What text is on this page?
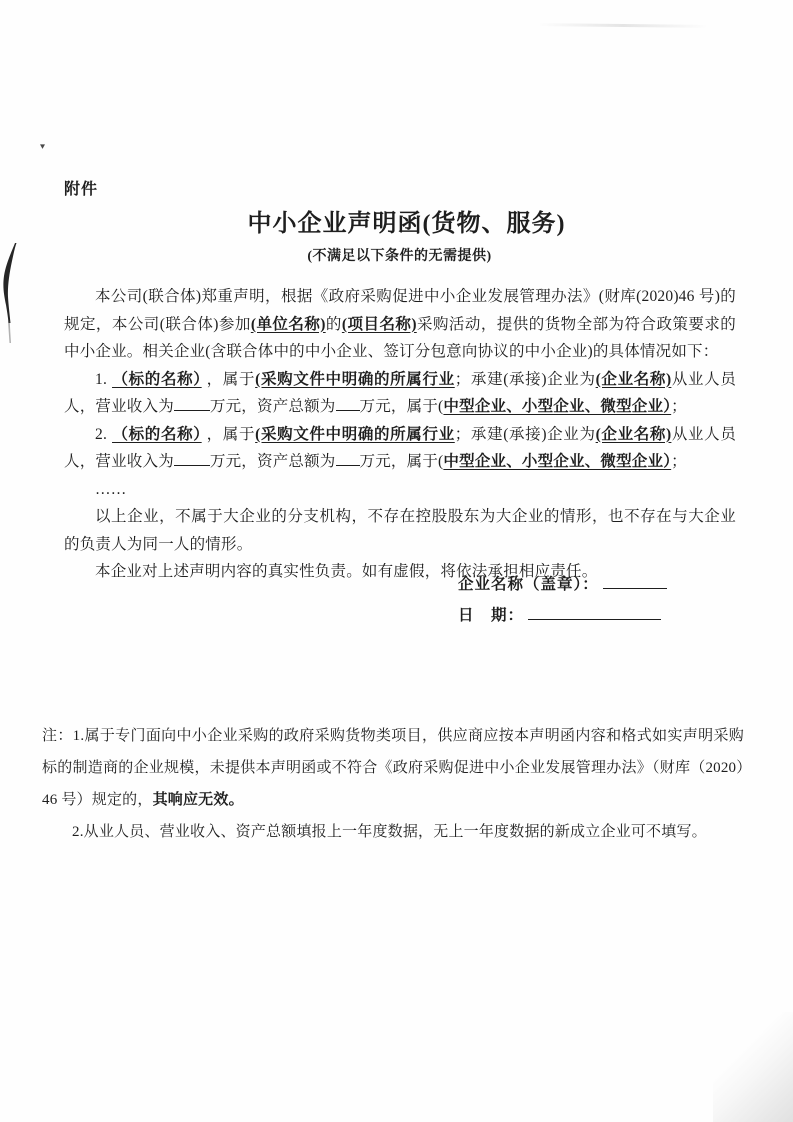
▾
附件
中小企业声明函(货物、服务)
(不满足以下条件的无需提供)

本公司(联合体)郑重声明，根据《政府采购促进中小企业发展管理办法》(财库(2020)46 号)的规定，本公司(联合体)参加(单位名称)的(项目名称)采购活动，提供的货物全部为符合政策要求的中小企业。相关企业(含联合体中的中小企业、签订分包意向协议的中小企业)的具体情况如下：

1. （标的名称） ，属于(采购文件中明确的所属行业；承建(承接)企业为(企业名称)从业人员人，营业收入为 万元，资产总额为 万元，属于(中型企业、小型企业、微型企业）；

2. （标的名称） ，属于(采购文件中明确的所属行业；承建(承接)企业为(企业名称)从业人员人，营业收入为 万元，资产总额为 万元，属于(中型企业、小型企业、微型企业）；

……

以上企业，不属于大企业的分支机构，不存在控股股东为大企业的情形，也不存在与大企业的负责人为同一人的情形。

本企业对上述声明内容的真实性负责。如有虚假，将依法承担相应责任。

企业名称（盖章）：
日　期：

注：1.属于专门面向中小企业采购的政府采购货物类项目，供应商应按本声明函内容和格式如实声明采购标的制造商的企业规模，未提供本声明函或不符合《政府采购促进中小企业发展管理办法》（财库（2020）46 号）规定的，其响应无效。

2.从业人员、营业收入、资产总额填报上一年度数据，无上一年度数据的新成立企业可不填写。
